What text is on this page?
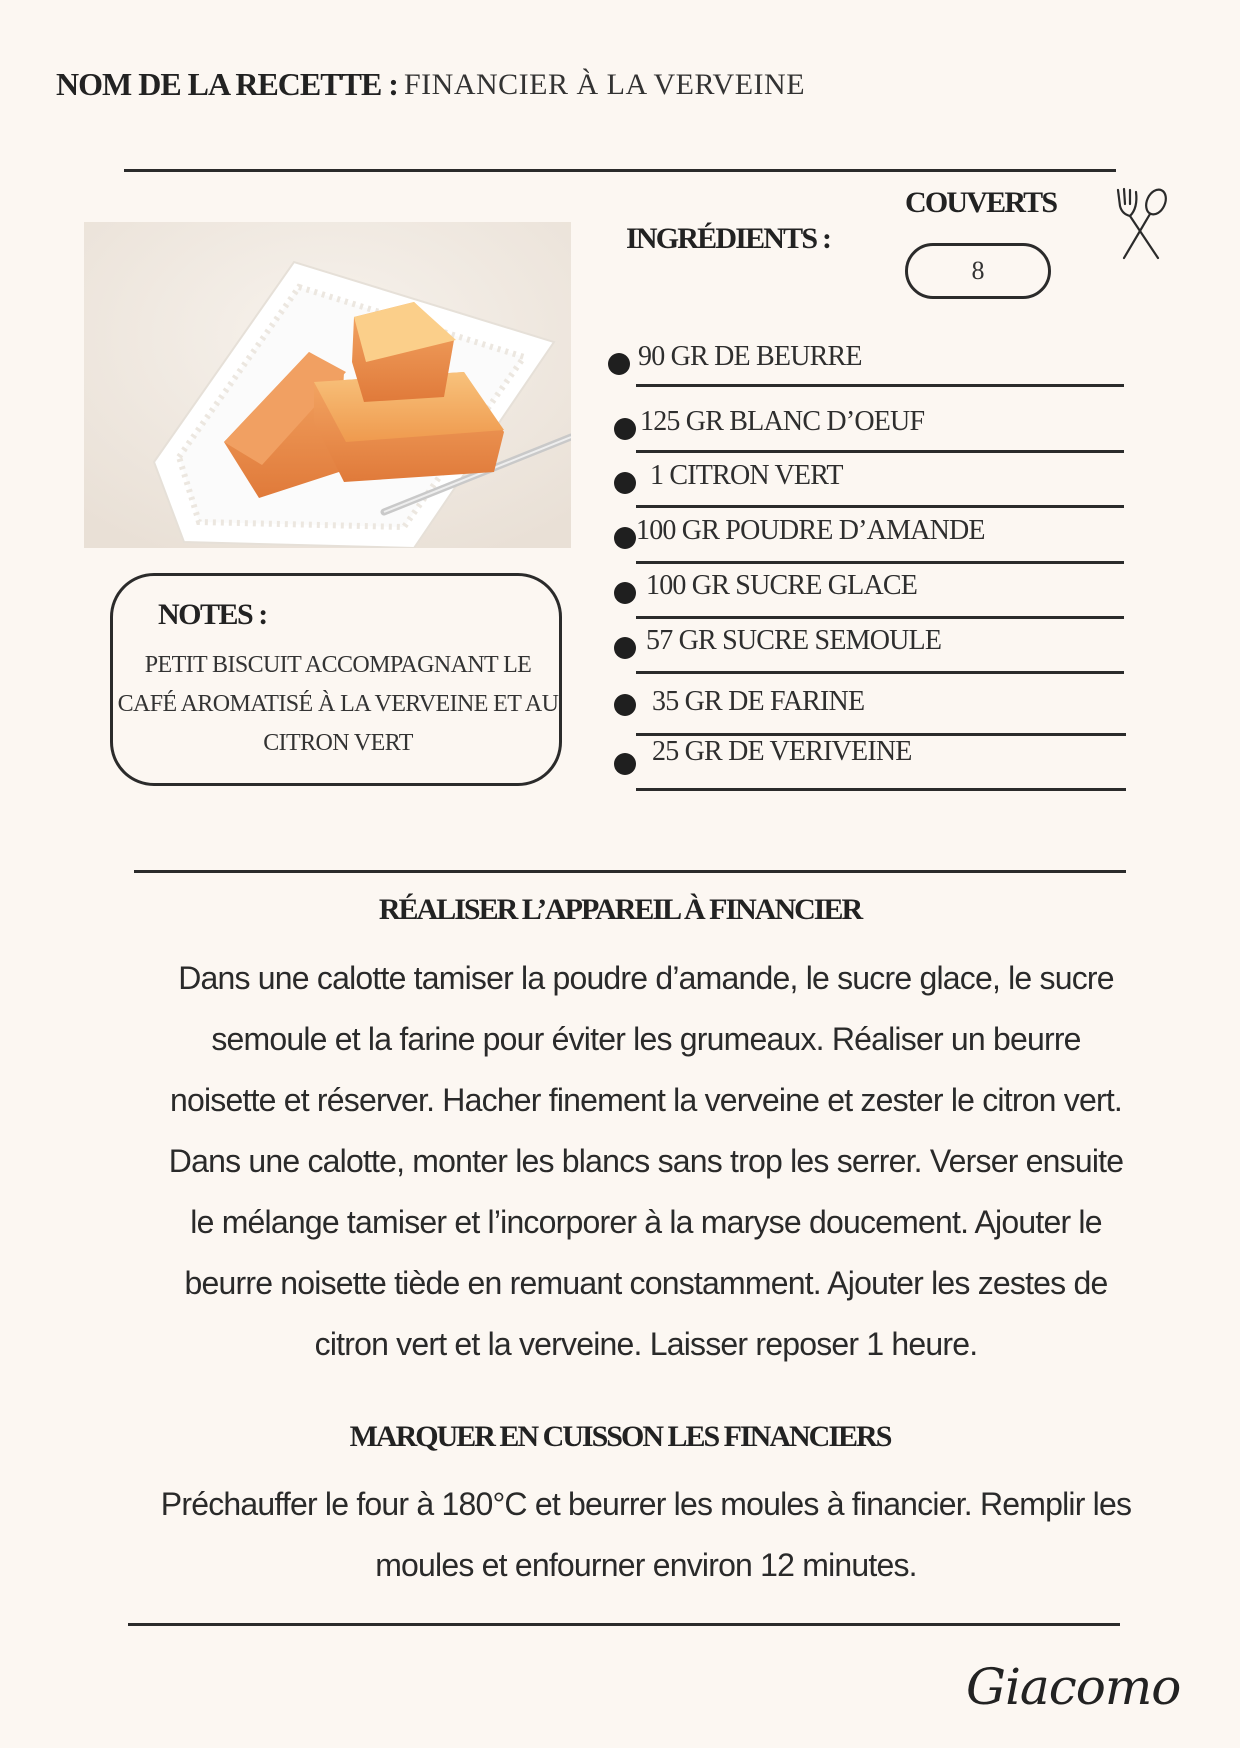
NOM DE LA RECETTE : FINANCIER À LA VERVEINE
NOTES :
PETIT BISCUIT ACCOMPAGNANT LE
CAFÉ AROMATISÉ À LA VERVEINE ET AU
CITRON VERT
INGRÉDIENTS :
COUVERTS
8
90 GR DE BEURRE
125 GR BLANC D’OEUF
1 CITRON VERT
100 GR POUDRE D’AMANDE
100 GR SUCRE GLACE
57 GR SUCRE SEMOULE
35 GR DE FARINE
25 GR DE VERIVEINE
RÉALISER L’APPAREIL À FINANCIER
Dans une calotte tamiser la poudre d’amande, le sucre glace, le sucre
semoule et la farine pour éviter les grumeaux. Réaliser un beurre
noisette et réserver. Hacher finement la verveine et zester le citron vert.
Dans une calotte, monter les blancs sans trop les serrer. Verser ensuite
le mélange tamiser et l’incorporer à la maryse doucement. Ajouter le
beurre noisette tiède en remuant constamment. Ajouter les zestes de
citron vert et la verveine. Laisser reposer 1 heure.
MARQUER EN CUISSON LES FINANCIERS
Préchauffer le four à 180°C et beurrer les moules à financier. Remplir les
moules et enfourner environ 12 minutes.
Giacomo
